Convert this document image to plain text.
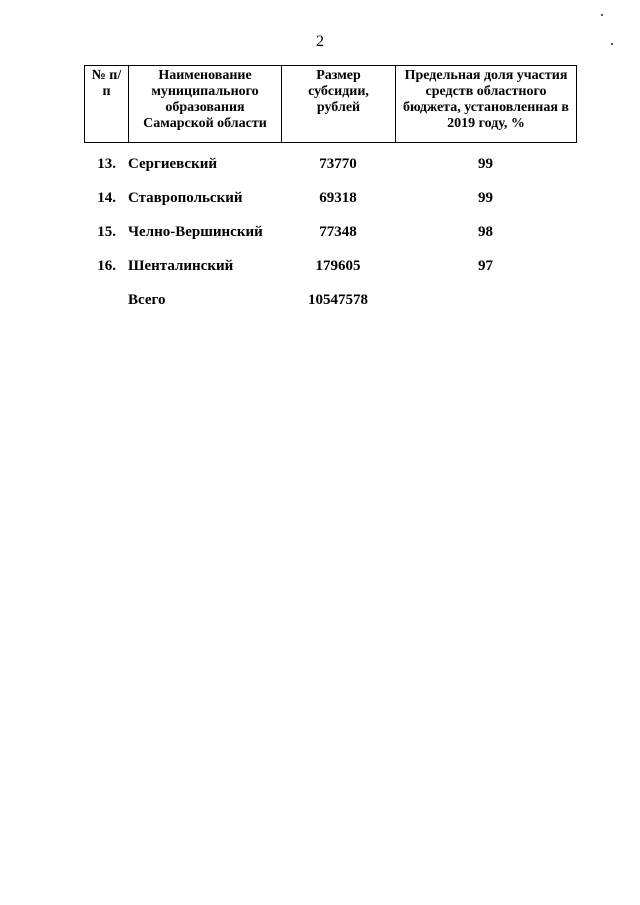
2
№ п/п	Наименование муниципального образования Самарской области	Размер субсидии, рублей	Предельная доля участия средств областного бюджета, установленная в 2019 году, %
13.	Сергиевский	73770	99
14.	Ставропольский	69318	99
15.	Челно-Вершинский	77348	98
16.	Шенталинский	179605	97
	Всего	10547578	
